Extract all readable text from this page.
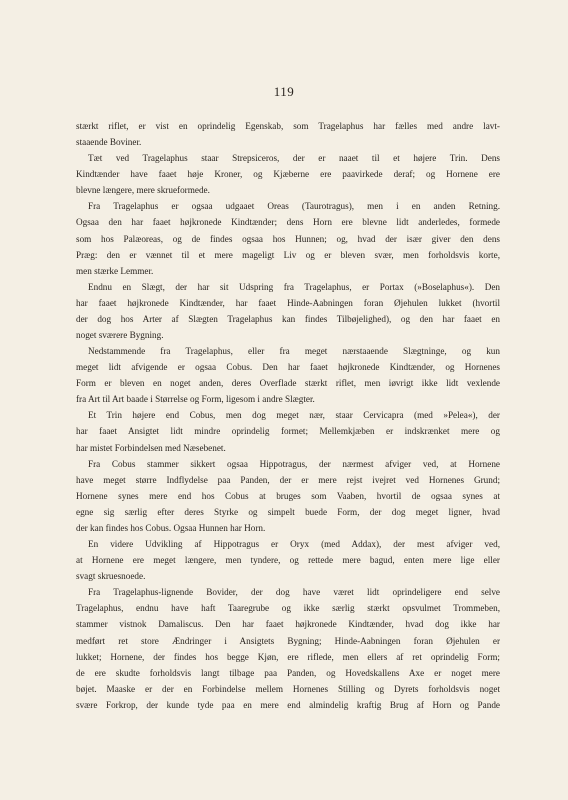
119
stærkt riflet, er vist en oprindelig Egenskab, som Tragelaphus har fælles med andre lavt-
staaende Boviner.
Tæt ved Tragelaphus staar Strepsiceros, der er naaet til et højere Trin. Dens
Kindtænder have faaet høje Kroner, og Kjæberne ere paavirkede deraf; og Hornene ere
blevne længere, mere skrueformede.
Fra Tragelaphus er ogsaa udgaaet Oreas (Taurotragus), men i en anden Retning.
Ogsaa den har faaet højkronede Kindtænder; dens Horn ere blevne lidt anderledes, formede
som hos Palæoreas, og de findes ogsaa hos Hunnen; og, hvad der især giver den dens
Præg: den er vænnet til et mere mageligt Liv og er bleven svær, men forholdsvis korte,
men stærke Lemmer.
Endnu en Slægt, der har sit Udspring fra Tragelaphus, er Portax (»Boselaphus«). Den
har faaet højkronede Kindtænder, har faaet Hinde-Aabningen foran Øjehulen lukket (hvortil
der dog hos Arter af Slægten Tragelaphus kan findes Tilbøjelighed), og den har faaet en
noget sværere Bygning.
Nedstammende fra Tragelaphus, eller fra meget nærstaaende Slægtninge, og kun
meget lidt afvigende er ogsaa Cobus. Den har faaet højkronede Kindtænder, og Hornenes
Form er bleven en noget anden, deres Overflade stærkt riflet, men iøvrigt ikke lidt vexlende
fra Art til Art baade i Størrelse og Form, ligesom i andre Slægter.
Et Trin højere end Cobus, men dog meget nær, staar Cervicapra (med »Pelea«), der
har faaet Ansigtet lidt mindre oprindelig formet; Mellemkjæben er indskrænket mere og
har mistet Forbindelsen med Næsebenet.
Fra Cobus stammer sikkert ogsaa Hippotragus, der nærmest afviger ved, at Hornene
have meget større Indflydelse paa Panden, der er mere rejst ivejret ved Hornenes Grund;
Hornene synes mere end hos Cobus at bruges som Vaaben, hvortil de ogsaa synes at
egne sig særlig efter deres Styrke og simpelt buede Form, der dog meget ligner, hvad
der kan findes hos Cobus. Ogsaa Hunnen har Horn.
En videre Udvikling af Hippotragus er Oryx (med Addax), der mest afviger ved,
at Hornene ere meget længere, men tyndere, og rettede mere bagud, enten mere lige eller
svagt skruesnoede.
Fra Tragelaphus-lignende Bovider, der dog have været lidt oprindeligere end selve
Tragelaphus, endnu have haft Taaregrube og ikke særlig stærkt opsvulmet Trommeben,
stammer vistnok Damaliscus. Den har faaet højkronede Kindtænder, hvad dog ikke har
medført ret store Ændringer i Ansigtets Bygning; Hinde-Aabningen foran Øjehulen er
lukket; Hornene, der findes hos begge Kjøn, ere riflede, men ellers af ret oprindelig Form;
de ere skudte forholdsvis langt tilbage paa Panden, og Hovedskallens Axe er noget mere
bøjet. Maaske er der en Forbindelse mellem Hornenes Stilling og Dyrets forholdsvis noget
svære Forkrop, der kunde tyde paa en mere end almindelig kraftig Brug af Horn og Pande
